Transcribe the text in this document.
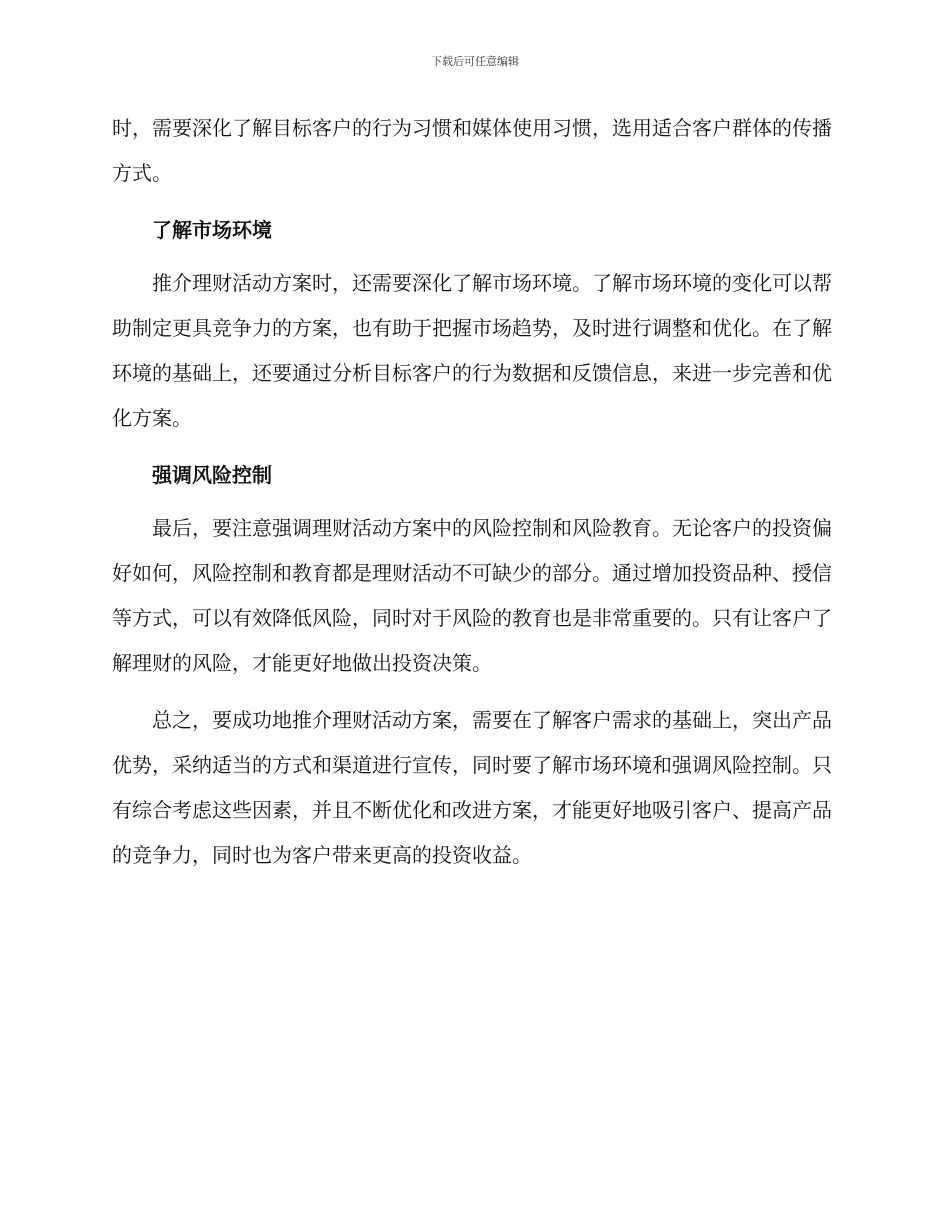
下载后可任意编辑

时，需要深化了解目标客户的行为习惯和媒体使用习惯，选用适合客户群体的传播方式。

了解市场环境

推介理财活动方案时，还需要深化了解市场环境。了解市场环境的变化可以帮助制定更具竞争力的方案，也有助于把握市场趋势，及时进行调整和优化。在了解环境的基础上，还要通过分析目标客户的行为数据和反馈信息，来进一步完善和优化方案。

强调风险控制

最后，要注意强调理财活动方案中的风险控制和风险教育。无论客户的投资偏好如何，风险控制和教育都是理财活动不可缺少的部分。通过增加投资品种、授信等方式，可以有效降低风险，同时对于风险的教育也是非常重要的。只有让客户了解理财的风险，才能更好地做出投资决策。

总之，要成功地推介理财活动方案，需要在了解客户需求的基础上，突出产品优势，采纳适当的方式和渠道进行宣传，同时要了解市场环境和强调风险控制。只有综合考虑这些因素，并且不断优化和改进方案，才能更好地吸引客户、提高产品的竞争力，同时也为客户带来更高的投资收益。
